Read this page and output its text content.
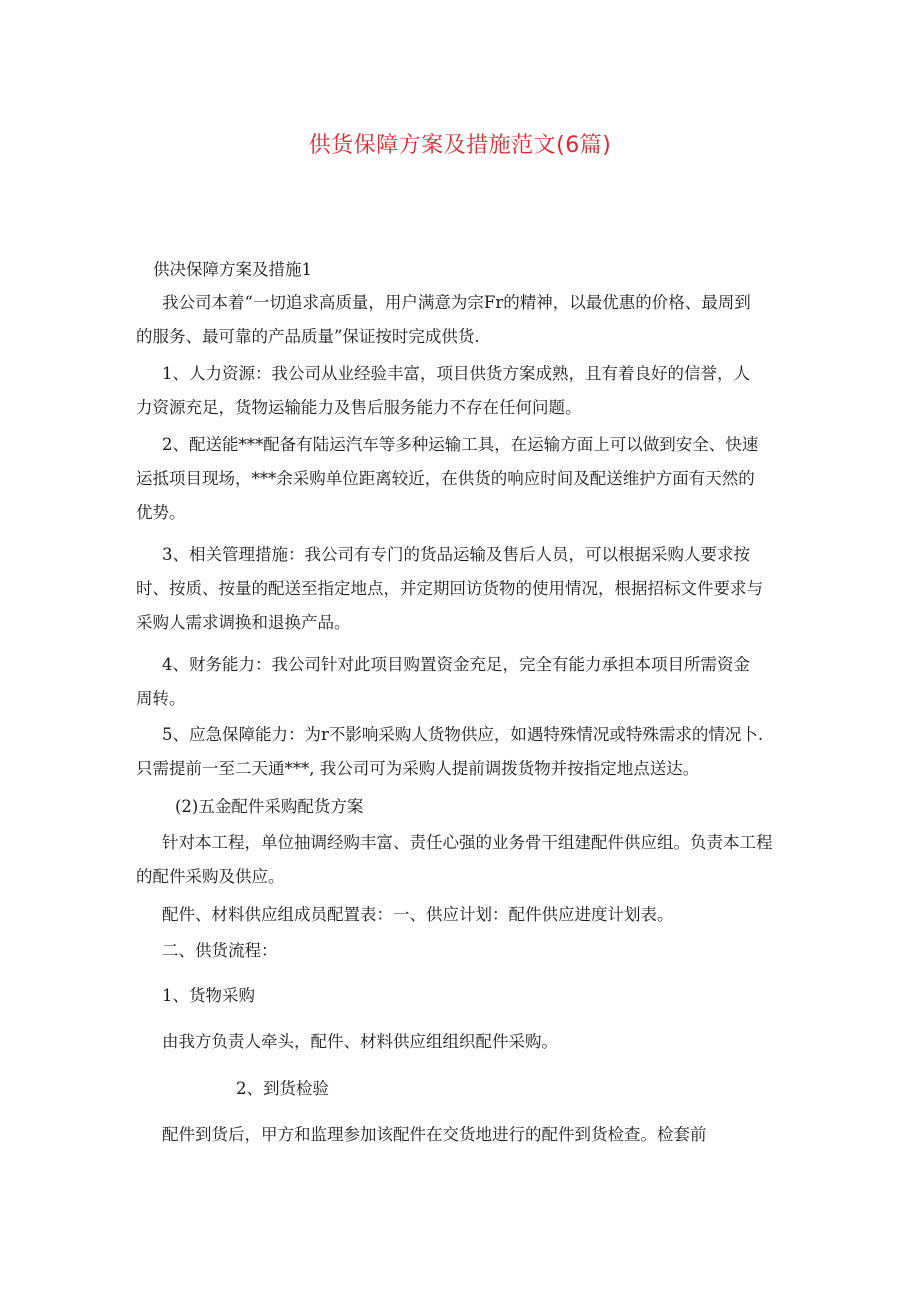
供货保障方案及措施范文(6篇)
供决保障方案及措施1
我公司本着“一切追求高质量，用户满意为宗Fr的精神，以最优惠的价格、最周到
的服务、最可靠的产品质量”保证按时完成供货.
1、人力资源：我公司从业经验丰富，项目供货方案成熟，且有着良好的信誉，人
力资源充足，货物运输能力及售后服务能力不存在任何问题。
2、配送能***配备有陆运汽车等多种运输工具，在运输方面上可以做到安全、快速
运抵项目现场，***余采购单位距离较近，在供货的响应时间及配送维护方面有天然的
优势。
3、相关管理措施：我公司有专门的货品运输及售后人员，可以根据采购人要求按
时、按质、按量的配送至指定地点，并定期回访货物的使用情况，根据招标文件要求与
采购人需求调换和退换产品。
4、财务能力：我公司针对此项目购置资金充足，完全有能力承担本项目所需资金
周转。
5、应急保障能力：为r不影响采购人货物供应，如遇特殊情况或特殊需求的情况卜.
只需提前一至二天通***, 我公司可为采购人提前调拨货物并按指定地点送达。
(2)五金配件采购配货方案
针对本工程，单位抽调经购丰富、责任心强的业务骨干组建配件供应组。负责本工程
的配件采购及供应。
配件、材料供应组成员配置表：一、供应计划：配件供应进度计划表。
二、供货流程：
1、货物采购
由我方负责人牵头，配件、材料供应组组织配件采购。
2、到货检验
配件到货后，甲方和监理参加该配件在交货地进行的配件到货检查。检套前
